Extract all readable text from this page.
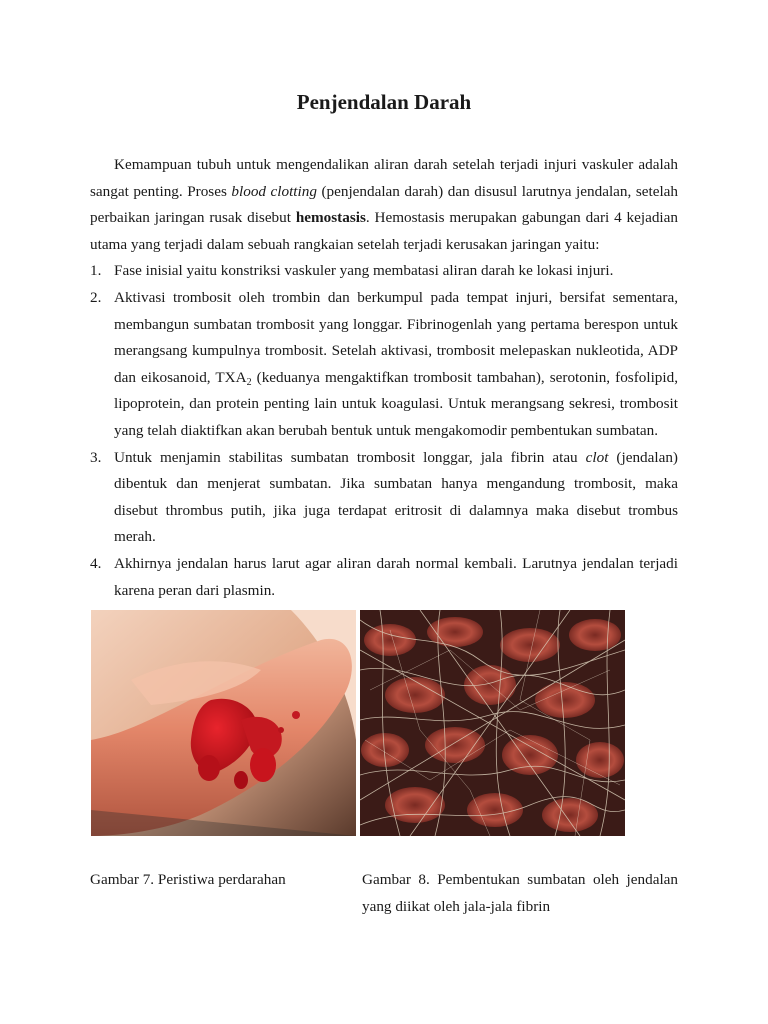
Penjendalan Darah

Kemampuan tubuh untuk mengendalikan aliran darah setelah terjadi injuri vaskuler adalah sangat penting. Proses blood clotting (penjendalan darah) dan disusul larutnya jendalan, setelah perbaikan jaringan rusak disebut hemostasis. Hemostasis merupakan gabungan dari 4 kejadian utama yang terjadi dalam sebuah rangkaian setelah terjadi kerusakan jaringan yaitu:

1. Fase inisial yaitu konstriksi vaskuler yang membatasi aliran darah ke lokasi injuri.
2. Aktivasi trombosit oleh trombin dan berkumpul pada tempat injuri, bersifat sementara, membangun sumbatan trombosit yang longgar. Fibrinogenlah yang pertama berespon untuk merangsang kumpulnya trombosit. Setelah aktivasi, trombosit melepaskan nukleotida, ADP dan eikosanoid, $TXA_2$ (keduanya mengaktifkan trombosit tambahan), serotonin, fosfolipid, lipoprotein, dan protein penting lain untuk koagulasi. Untuk merangsang sekresi, trombosit yang telah diaktifkan akan berubah bentuk untuk mengakomodir pembentukan sumbatan.
3. Untuk menjamin stabilitas sumbatan trombosit longgar, jala fibrin atau clot (jendalan) dibentuk dan menjerat sumbatan. Jika sumbatan hanya mengandung trombosit, maka disebut thrombus putih, jika juga terdapat eritrosit di dalamnya maka disebut trombus merah.
4. Akhirnya jendalan harus larut agar aliran darah normal kembali. Larutnya jendalan terjadi karena peran dari plasmin.

Gambar 7. Peristiwa perdarahan	Gambar 8. Pembentukan sumbatan oleh jendalan yang diikat oleh jala-jala fibrin
